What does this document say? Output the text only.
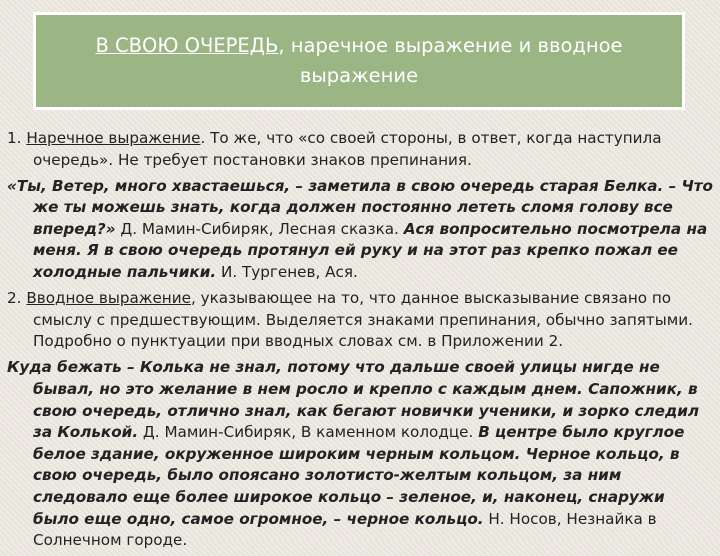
В СВОЮ ОЧЕРЕДЬ, наречное выражение и вводное
выражение

1. Наречное выражение. То же, что «со своей стороны, в ответ, когда наступила очередь». Не требует постановки знаков препинания.

«Ты, Ветер, много хвастаешься, – заметила в свою очередь старая Белка. – Что же ты можешь знать, когда должен постоянно лететь сломя голову все вперед?» Д. Мамин-Сибиряк, Лесная сказка. Ася вопросительно посмотрела на меня. Я в свою очередь протянул ей руку и на этот раз крепко пожал ее холодные пальчики. И. Тургенев, Ася.

2. Вводное выражение, указывающее на то, что данное высказывание связано по смыслу с предшествующим. Выделяется знаками препинания, обычно запятыми. Подробно о пунктуации при вводных словах см. в Приложении 2.

Куда бежать – Колька не знал, потому что дальше своей улицы нигде не бывал, но это желание в нем росло и крепло с каждым днем. Сапожник, в свою очередь, отлично знал, как бегают новички ученики, и зорко следил за Колькой. Д. Мамин-Сибиряк, В каменном колодце. В центре было круглое белое здание, окруженное широким черным кольцом. Черное кольцо, в свою очередь, было опоясано золотисто-желтым кольцом, за ним следовало еще более широкое кольцо – зеленое, и, наконец, снаружи было еще одно, самое огромное, – черное кольцо. Н. Носов, Незнайка в Солнечном городе.
